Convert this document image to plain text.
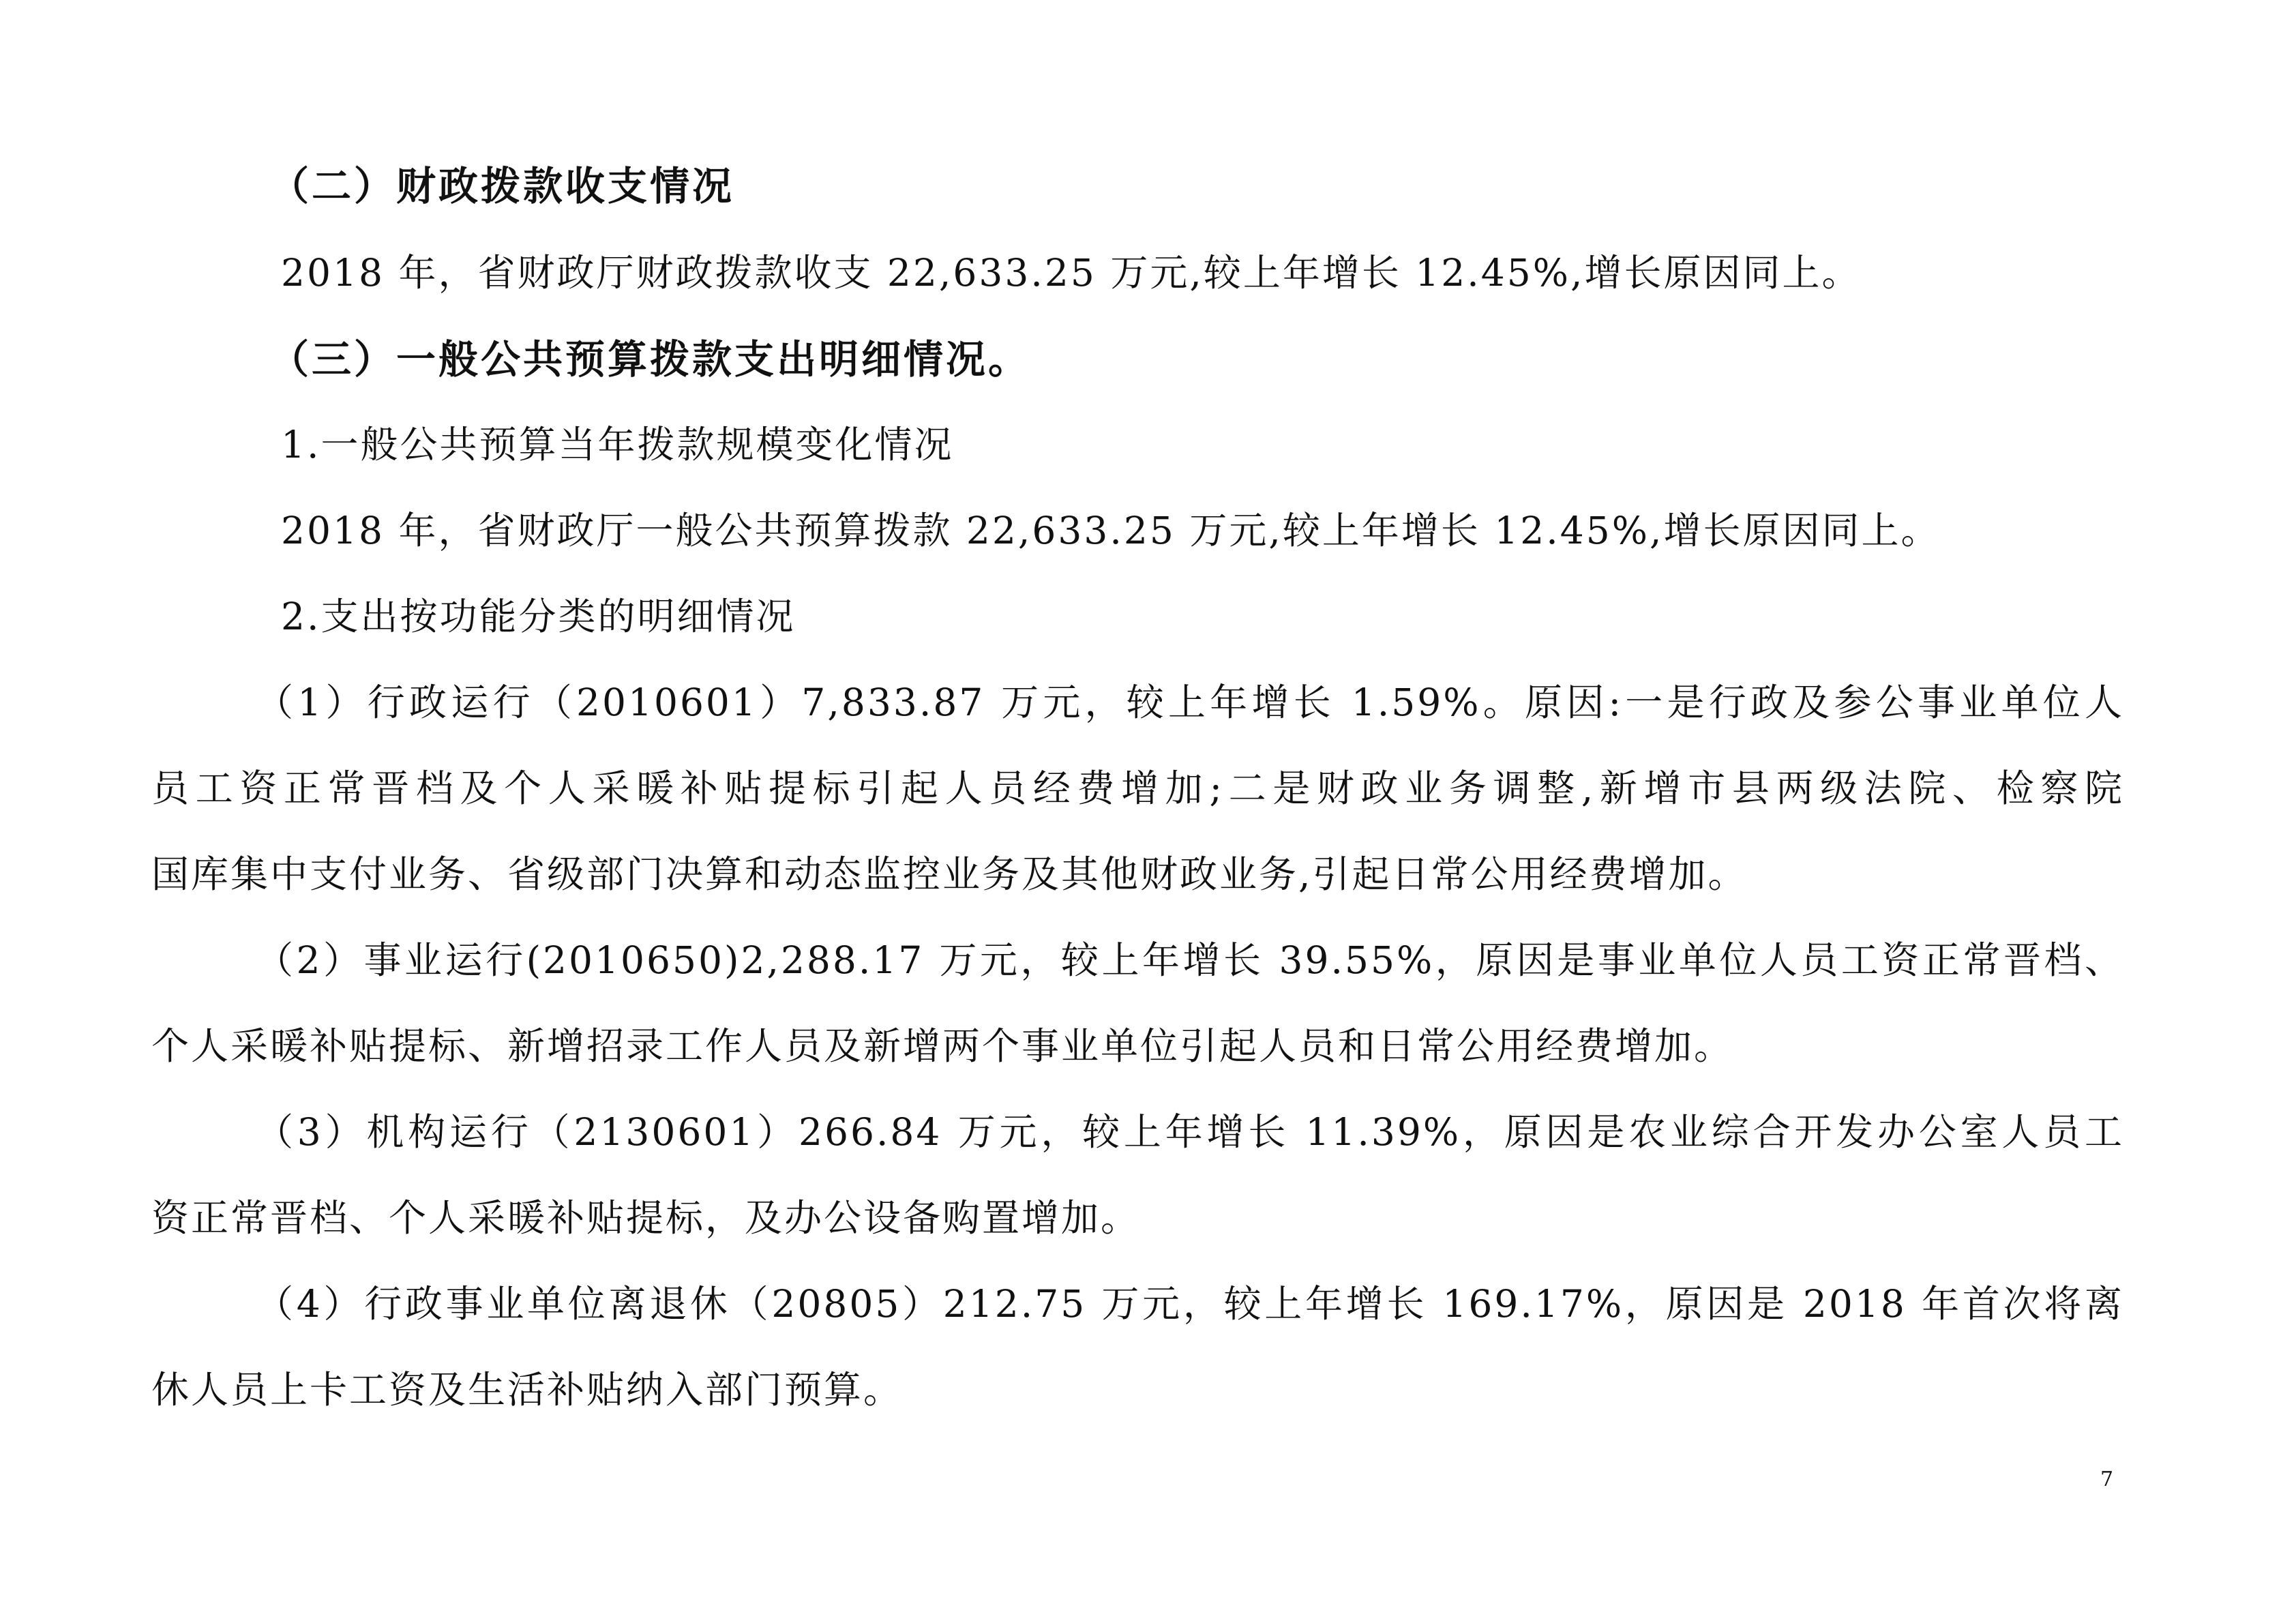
（二）财政拨款收支情况
2018 年，省财政厅财政拨款收支 22,633.25 万元,较上年增长 12.45%,增长原因同上。
（三）一般公共预算拨款支出明细情况。
1.一般公共预算当年拨款规模变化情况
2018 年，省财政厅一般公共预算拨款 22,633.25 万元,较上年增长 12.45%,增长原因同上。
2.支出按功能分类的明细情况
（1）行政运行（2010601）7,833.87 万元，较上年增长 1.59%。原因:一是行政及参公事业单位人
员工资正常晋档及个人采暖补贴提标引起人员经费增加;二是财政业务调整,新增市县两级法院、检察院
国库集中支付业务、省级部门决算和动态监控业务及其他财政业务,引起日常公用经费增加。
（2）事业运行(2010650)2,288.17 万元，较上年增长 39.55%，原因是事业单位人员工资正常晋档、
个人采暖补贴提标、新增招录工作人员及新增两个事业单位引起人员和日常公用经费增加。
（3）机构运行（2130601）266.84 万元，较上年增长 11.39%，原因是农业综合开发办公室人员工
资正常晋档、个人采暖补贴提标，及办公设备购置增加。
（4）行政事业单位离退休（20805）212.75 万元，较上年增长 169.17%，原因是 2018 年首次将离
休人员上卡工资及生活补贴纳入部门预算。
7
